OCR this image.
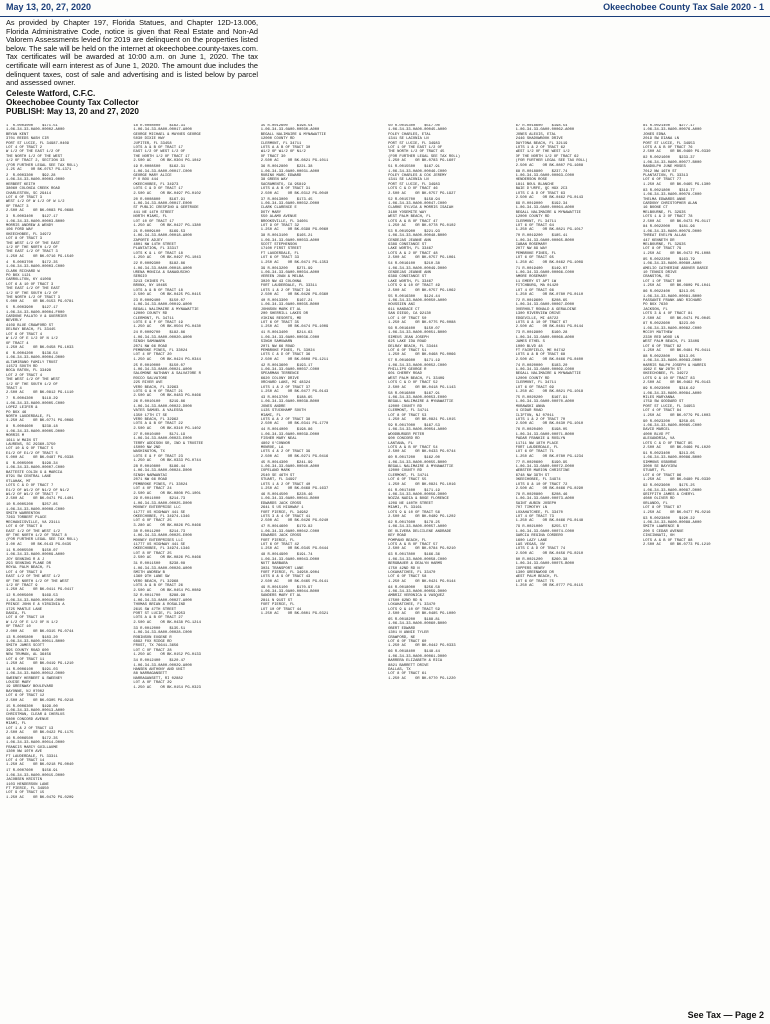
May 13, 20, 27, 2020	Okeechobee County Tax Sale 2020 - 1
As provided by Chapter 197, Florida Statues, and Chapter 12D-13.006, Florida Administrative Code, notice is given that Real Estate and Non-Ad Valorem Assessments levied for 2019 are delinquent on the properties listed below. The sale will be held on the internet at okeechobee.county-taxes.com. Tax certificates will be awarded at 10:00 a.m. on June 1, 2020. The tax certificate will earn interest as of June 1, 2020. The amount due includes the delinquent taxes, cost of sale and advertising and is listed below by parcel and assessed owner.
Celeste Watford, C.F.C.
Okeechobee County Tax Collector
PUBLISH: May 13, 20 and 27, 2020
1  R-0003000    $171.51
1-06-34-33-0A00-00002-A000
BRYAN KENT
3701 REEDS NASH CIR
PORT ST LUCIE, FL 34987-0409
LOT 4 OF TRACT 2
W 1/2 OF THE EAST 1/2 OF
THE NORTH 1/2 OF THE WEST
1/2 OF TRACT 2, SECTION 33
(FOR FURTHER LEGAL SEE TAX ROLL)
1.25 AC    OR BK-0757 PG-1371
2  R-0003300    $92.28
1-06-34-33-0A00-00003-0000
HERBERT KEITH
38060 COLONIA CREEK ROAD
CHARLESTON, SC 29414
LOT 6 OF TRACT 3
WEST 1/2 OF W 1/2 OF W 1/2
OF TRACT 3
2.500 AC    OR BK-0083 PG-0688
3  R-0003400    $127.17
1-06-34-33-0A00-00003-B000
MORRIS ANDREW & WENDY
106 FORD WAY
OKEECHOBEE, FL 34972
LOT 8 OF TRACT 3
THE WEST 1/2 OF THE EAST
1/2 OF THE NORTH 1/2 OF
THE EAST 1/2 OF TRACT 3
1.250 AC    OR BK-0716 PG-1540
4  R-0003700    $172.35
1-06-34-33-0A00-00003-C000
CLARK RICHARD W
PO BOX 1121
CARROLLTON, KY 41008
LOT 6 & 10 OF TRACT 3
THE EAST 1/2 OF THE EAST
1/2 OF THE SOUTH 1/2 OF
THE NORTH 1/2 OF TRACT 3
5.000 AC    OR BK-0153 PG-0781
5  R-0003900    $127.17
1-06-34-33-0A00-00004-F000
CARDONE PALATO V & GUERRIER
BEVERLY
4109 BLUE CRAWFORD ST
DELRAY BEACH, FL 33445
LOT 6 OF TRACT 4
W 1/2 OF E 1/2 OF N 1/2
OF TRACT 4
1.250 AC    OR BK-0458 PG-1033
6  R-0004200    $136.54
1-06-34-33-0A00-00004-D000
ALTAMIRANO FAMILY TRUST
11573 SOUTH RD
BOCA RATON, FL 33498
LOT 2 OF TRACT 4
THE WEST 1/2 OF THE WEST
1/2 OF THE SOUTH 1/2 OF
TRACT 4
2.500 AC    OR BK-0812 PG-1110
7  R-0004300    $118.29
1-06-34-33-0A00-00005-C000
LOPEZ LEIFER &
PO BOX 46
NORTH LAUDERDALE, FL
1.250 AC    OR BK-0771 PG-0066
8  R-0004600    $238.18
1-06-34-33-0A00-00005-D000
MORRIS M
1611 W MAIN ST
LAURENS, SC 29360-3750
LOT 10 & 9 OF TRACT 5
E1/2 OF E1/2 OF TRACT 5
5.000 AC    OR BK-0487 PG-0338
9  R-0005000    $198.34
1-06-34-33-0A00-00007-C000
BATTESTE COLIN G & MARCIA
8791 SW CENTRAL LANE
OTLAHAK, MT
LOTS C & D OF TRACT 7
E1/2 OF W1/2 OF N1/2 OF N1/2
W1/2 OF W1/2 OF TRACT 7
2.500 AC    OR BK-0471 PG-1401
10 R-0005200    $257.85
1-06-34-33-0A00-00008-C000
SMITH WARRENTON
7263 TORBERT PLACE
MECHANICSVILLE, VA 23111
LOT 6 OF TRACT 8
EAST 1/2 OF THE WEST 1/2
OF THE NORTH 1/2 OF TRACT 8
(FOR FURTHER LEGAL SEE TAX ROLL)
3.00 AC    OR BK-0143 PG-0435
11 R-0005500    $150.07
1-06-34-33-0A00-00009-A000
JOY SENNING R & J
293 SENNING PLANE DR
ROYAL PALM BEACH, FL
LOT 4 OF TRACT 9
EAST 1/2 OF THE WEST 1/2
OF THE NORTH 1/2 OF THE WEST
1/2 OF TRACT 9
1.250 AC    OR BK-0411 PG-0417
12 R-0005600    $169.53
1-06-34-33-0A00-00010-D000
PRINCE JOHN E & VIRGINIA A
1725 MANTLE LANE
DANIA, FL
LOT 8 OF TRACT 10
W 1/2 OF E 1/2 OF N 1/2
OF TRACT 10
2.000 AC    OR BK-0315 PG-0744
13 R-0005800    $183.20
1-06-34-33-0A00-00011-B000
SMITH JAMES SCOTT
395 COUNTY ROAD 600
NEW TRUMAN, AL 36456
LOT 6 OF TRACT 11
1.250 AC    OR BK-0419 PG-1210
14 R-0006100    $191.03
1-06-34-33-0A00-00012-D000
SWEENEY HERBERT & SWEENEY
LOUISE MARY
19 GREENWAY BOULEVARD
BAYONNE, NJ 07002
LOT 6 OF TRACT 12
2.500 AC    OR BK-0305 PG-0218
15 R-0006300    $199.00
1-06-34-33-0A00-00013-A000
CHRISTMAN, CLEAR & CHERLUS
5800 CONCORD AVENUE
MIAMI, FL
LOT 1 & 2 OF TRACT 13
2.500 AC    OR BK-0422 PG-1175
16 R-0006500    $172.35
1-06-34-33-0A00-00014-D000
FRANCIS MARCY GUILLAUME
1300 NW 10TH AVE
FT LAUDERDALE, FL 33311
LOT 4 OF TRACT 14
1.250 AC    OR BK-0218 PG-0040
17 R-0007600    $156.91
1-06-34-33-0A00-00015-D000
JACOBSEN KRISTIN
1103 HENDERSON LANE
FT PIERCE, FL 34950
LOT 9 OF TRACT 15
1.250 AC    OR BK-0479 PG-0209
18 R-0008000    $162.31
1-06-34-33-0A00-00017-A000
GEORGE MICHAEL & MAYNES GEORGE
5030 DIXIE HWY
JUPITER, FL 33458
LOTS A & B OF TRACT 17
EAST 1/2 OF WEST 1/2 OF
THE NORTH 1/2 OF TRACT 17
2.500 AC    OR BK-0304 PG-1042
19 R-0008500    $162.31
1-06-34-33-0A00-00017-C000
GEORGE MARY ALICE
P O BOX 444
OKEECHOBEE, FL 34973
LOTS C & D OF TRACT 17
2.500 AC    OR BK-0497 PG-0102
20 R-0008800    $167.91
1-06-34-33-0A00-00017-E000
ST PUBLIC CRESPINO & GERTRUDE
441 NE 14TH STREET
NORTH MIAMI, FL
LOT 10 OF TRACT 17
1.250 AC    OR BK-0427 PG-1380
21 R-0009100    $169.53
1-06-34-33-0A00-00018-A000
ZAPORTE ADJEY
4801 NW 14TH STREET
PLANTATION, FL 33317
LOTS K & L OF TRACT 18
1.250 AC    OR BK-0497 PG-1043
22 R-0009300    $182.86
1-06-34-33-0A00-00018-A000
URENA MONICA & SANAGUSCHO
SERGIO
3213 CHINES PL
BRONX, NY 10465
LOTS A & B OF TRACT 18
2.500 AC    OR BK-0425 PG-0415
23 R-0009400    $150.07
1-06-34-33-0A00-00019-A000
BEGALL NALIMAIRE & MYNAWATTIE
12000 COUNTY RD
CLERMONT, FL 34711
LOTS E & F OF TRACT 19
1.250 AC    OR BK-0504 PG-0430
24 R-0009700    $182.86
1-06-34-33-0A00-00020-A000
SINGH SAMUWARN
2071 NW 66 ROAD
PEMBROKE PINES, FL 33024
LOT 4 OF TRACT 20
1.250 AC    OR BK-0424 PG-0344
25 R-0010000    $150.07
1-06-34-33-0A00-00021-A000
SALOMONE NATHANY & SALVATORE R
ROCCO SALVATORE
225 RIVER AVE
VERO BEACH, FL 32963
LOTS G & H OF TRACT 21
2.500 AC    OR BK-0483 PG-0466
26 R-0010100    $219.86
1-06-34-33-0A00-00022-D000
VATES SAMUEL & VALESSA
1350 17TH CT SE
VERO BEACH, FL 32962
LOTS A & B OF TRACT 22
2.500 AC    OR BK-0310 PG-1402
27 R-0010400    $171.19
1-06-34-33-0A00-00023-E000
TERRY ADDISON SR, IND & TRUSTEE
15000 NW 2ND
WASHINGTON, TX
LOTS E & F OF TRACT 23
1.250 AC    OR BK-0333 PG-0744
28 R-0010800    $186.44
1-06-34-33-0A00-00024-D000
SINGH NARWANTAI
2071 NW 66 ROAD
PEMBROKE PINES, FL 33024
LOT 4 OF TRACT 24
2.500 AC    OR BK-0808 PG-1001
29 R-0011000    $214.73
1-06-34-33-0A00-00025-D000
MOONEY ENTERPRISE LLC
11777 US HIGHWAY 441 SE
OKEECHOBEE, FL 34974-1346
LOT 6 OF TRACT 25
3.280 AC    OR BK-0826 PG-0466
30 R-0011200    $214.73
1-06-34-33-0A00-00025-E000
MOONEY ENTERPRISES LLC
11777 US HIGHWAY 441 SE
OKEECHOBEE, FL 34974-1346
LOT 8 OF TRACT 25
2.500 AC    OR BK-0826 PG-0466
31 R-0011500    $238.08
1-06-34-33-0A00-00026-A000
SMITH ANDREW B
1360 9TH LANE SW
VERO BEACH, FL 32968
LOTS A & B OF TRACT 26
2.500 AC    OR BK-0454 PG-0089
32 R-0011700    $288.98
1-06-34-33-0A00-00027-A000
THOMAS BRIAN & ROSALIND
2615 SW 47TH STREET
PORT ST LUCIE, FL 34953
LOTS A & B OF TRACT 27
2.500 AC    OR BK-0438 PG-1214
33 R-0012000    $135.51
1-06-34-33-0A00-00028-C000
ROBINSON EUGENE R
6892 FOX RIDGE RD
FROST, TX 76641-3656
LOT C OF TRACT 28
1.250 AC    OR BK-0152 PG-0133
34 R-0012400    $120.47
1-06-34-33-0A00-00029-A000
HANSEN ANTHONY AND UNIT
88 NARRAGANSETT
NARRAGANSETT, RI 02882
LOT A OF TRACT 29
1.250 AC    OR BK-0154 PG-0323
35 R-0012600    $198.54
1-06-34-33-0A00-00030-A000
BEGALL NALIMAIRE & MYNAWATTIE
12000 COUNTY RD
CLERMONT, FL 34711
LOTS A & B OF TRACT 30
W1/2 OF W1/2 OF N1/2
OF TRACT 30
2.500 AC    OR BK-0821 PG-1011
36 R-0012800    $221.38
1-06-34-33-0A00-00031-A000
RUBINO MARC EDWARD
38 GREEN WAY
SACRAMENTO, CA 95819
LOTS A & B OF TRACT 31
2.500 AC    OR BK-0312 PG-0040
37 R-0013000    $173.45
1-06-34-33-0A00-00032-D000
CLARK CLARENCE E
DOTY MARY
550 ALAMO AVENUE
BROOKSVILLE, FL 34601
LOT 9 OF TRACT 32
1.250 AC    OR BK-0398 PG-0060
38 R-0013100    $165.21
1-06-34-33-0A00-00033-A000
SCOTT STEPHENSON
17100 FIRST STREET
FT LAUDERDALE, FL
LOT 6 OF TRACT 33
1.250 AC    OR BK-0471 PG-1353
39 R-0013200    $271.99
1-06-34-33-0A00-00034-A000
VEREEN JOAN & MELBA
3020 NW 43 COLONNA
FORT LAUDERDALE, FL 33311
LOTS 1 & 2 OF TRACT 34
2.500 AC    OR BK-0426 PG-0360
40 R-0013300    $167.21
1-06-34-33-0A00-00035-B000
JOHNSON MARK ET AL
200 SHERRILL LAKES DR
VIKING RESORTS, MD
LOT 6 OF TRACT 35
1.250 AC    OR BK-0474 PG-1009
41 R-0013400    $214.63
1-06-34-33-0A00-00036-C000
SINGH SAMUWARN
2071 NW 66 ROAD
PEMBROKE PINES, FL 33024
LOTS C & D OF TRACT 36
2.500 AC    OR BK-0808 PG-1211
42 R-0013600    $193.17
1-06-34-33-0A00-00037-C000
SPEARMAN TERRENCE
6620 COLONY DRIVE
ORCHARD LAKE, MI 48324
LOTS 1 & 2 OF TRACT 37
1.250 AC    OR BK-0477 PG-0143
43 R-0013700    $188.65
1-06-34-33-0A00-00038-B000
JONES ANDRE
1135 STUCKHAMP SOUTH
MIAMI, FL
LOTS A & 2 OF TRACT 38
2.500 AC    OR BK-0341 PG-1770
44 R-0014000    $198.86
1-06-34-33-0A00-00039-D000
FISHER MARY NEAL
4802 O'CONNOR
MONROE, LA
LOTS 4 & 2 OF TRACT 39
2.500 AC    OR BK-0271 PG-0416
45 R-0014300    $241.99
1-06-34-33-0A00-00040-A000
COPELAND MARK
2540 SE 46TH ST
STUART, FL 34997
LOTS 1 & 2 OF TRACT 40
1.250 AC    OR BK-0468 PG-1637
46 R-0014500    $228.46
1-06-34-33-0A00-00041-B000
EDWARDS JACK CROSS
2641 S US HIGHWAY 1
FORT PIERCE, FL 34982
LOTS 3 & 4 OF TRACT 41
2.500 AC    OR BK-0426 PG-0240
47 R-0014600    $179.82
1-06-34-33-0A00-00042-C000
EDWARDS JACK CROSS
FORT PIERCE, FL
LOT 6 OF TRACT 42
1.250 AC    OR BK-0345 PG-0444
48 R-0014900    $191.74
1-06-34-33-0A00-00043-D000
NUTT BARBARA
3031 TRANSPORT LANE
FORT PIERCE, FL 34950-9004
LOTS 8 & 9 OF TRACT 43
2.500 AC    OR BK-0465 PG-0141
49 R-0015100    $170.97
1-06-34-33-0A00-00044-B000
SANDERS MARY ET AL
2811 N 91ST ST
FORT PIERCE, FL
LOT 10 OF TRACT 44
1.250 AC    OR BK-0801 PG-0321
50 R-0015300    $517.00
1-06-34-33-0A00-00045-A000
FOLEY CHARLES, ETAL
1341 SE LACONIA LN
PORT ST LUCIE, FL 34983
LOT 1 OF THE EAST 1/2 OF
THE NORTH 1/2 OF TRACT 45
(FOR FURTHER LEGAL SEE TAX ROLL)
1.250 AC    OR BK-0783 PG-1607
51 R-0015500    $167.91
1-06-34-33-0A00-00046-C000
FOLEY CHARLES & COX JEREMY
1341 SE LACONIA LN
PORT ST LUCIE, FL 34983
LOTS C & D OF TRACT 46
2.500 AC    OR BK-0757 PG-1927
52 R-0015700    $158.94
1-06-34-33-0A00-00047-C000
CLARKE SYLVIA & MORRIS ISAIAH
3180 YOSEMITE WAY
WEST PALM BEACH, FL
LOTS A & B OF TRACT 47
1.250 AC    OR BK-0778 PG-0102
53 R-0015900    $221.93
1-06-34-33-0A00-00048-B000
CENDEJAS JEANNE ANN
6389 CONSTANCE ST
LAKE WORTH, FL 33467
LOTS A & 2 OF TRACT 48
2.500 AC    OR BK-0757 PG-1061
54 R-0016100    $210.38
1-06-34-33-0A00-00049-D000
CENDEJAS JEANNE ANN
6389 CONSTANCE ST
LAKE WORTH, FL 33467
LOTS 9 & 10 OF TRACT 49
2.500 AC    OR BK-0757 PG-1062
55 R-0016300    $124.44
1-06-34-33-0A00-00050-A000
HOUSSIEN ANI
611 KANDACE CT
SAN DIEGO, CA 92130
LOT 1 OF TRACT 50
1.250 AC    OR BK-0775 PG-0088
56 R-0016400    $150.07
1-06-34-33-0A00-00051-B000
SIMEUS JEAN JOSEPH
625 LAKE IDA ROAD
DELRAY BEACH, FL 33444
LOT 6 OF TRACT 51
1.250 AC    OR BK-0468 PG-0066
57 R-0016600    $171.19
1-06-34-33-0A00-00052-C000
PHILLIPS GEORGE R
601 CHERRY ROAD
WEST PALM BEACH, FL 33409
LOTS C & D OF TRACT 52
2.500 AC    OR BK-0418 PG-1143
58 R-0016800    $167.91
1-06-34-33-0A00-00053-E000
BEGALL NALIMAIRE & MYNAWATTIE
12000 COUNTY RD
CLERMONT, FL 34711
LOT 8 OF TRACT 53
1.250 AC    OR BK-0821 PG-1015
59 R-0017000    $167.53
1-06-34-33-0A00-00054-A000
WOODBURGER PETER
900 CONCORD RD
LANTANA, FL
LOTS A & B OF TRACT 54
2.500 AC    OR BK-0433 PG-0744
60 R-0017200    $162.00
1-06-34-33-0A00-00055-B000
BEGALL NALIMAIRE & MYNAWATTIE
12000 COUNTY RD
CLERMONT, FL 34711
LOT 6 OF TRACT 55
1.250 AC    OR BK-0821 PG-1016
61 R-0017400    $171.19
1-06-34-33-0A00-00056-D000
NOZZA NADIA & BOGE FLORENCE
1209 NE 140TH STREET
MIAMI, FL 33161
LOTS 9 & 10 OF TRACT 56
2.500 AC    OR BK-0489 PG-1202
62 R-0017600    $178.25
1-06-34-33-0A00-00057-A000
DE OLIVERA DELCILENE ANDRADE
KEY ROAD
POMPANO BEACH, FL
LOTS A & B OF TRACT 57
2.500 AC    OR BK-0784 PG-0210
63 R-0017800    $166.36
1-06-34-33-0A00-00058-C000
BERGBAUER & DEALYN HARMS
1750 42ND RD N
LOXAHATCHEE, FL 33470
LOT 6 OF TRACT 58
1.250 AC    OR BK-0421 PG-0144
64 R-0018000    $256.58
1-06-34-33-0A00-00059-D000
AMBRIZ VERONICA & VASQUEZ
17500 62ND RD N
LOXAHATCHEE, FL 33470
LOTS 9 & 10 OF TRACT 59
2.500 AC    OR BK-0485 PG-1000
65 R-0018200    $188.81
1-06-34-33-0A00-00060-B000
OBERT EDWARD
1301 N ANNIE TYLER
CRAWFORD, NE
LOT 6 OF TRACT 60
1.250 AC    OR BK-0442 PG-0333
66 R-0018400    $148.44
1-06-34-33-0A00-00061-D000
BARRERA ELIZABETH & RICA
8821 BARRETT DRIVE
DALLAS, TX
LOT 8 OF TRACT 61
1.250 AC    OR BK-0770 PG-1220
67 R-0018600    $198.54
1-06-34-33-0A00-00062-A000
JONES ALEXIS, ETAL
2446 SHADOWBOOK DRIVE
DAYTONA BEACH, FL 32119
LOTS 1 & 2 OF TRACT 62
WEST 1/2 OF THE WEST 1/2
OF THE NORTH 1/2 OF TRACT 62
(FOR FURTHER LEGAL SEE TAX ROLL)
2.500 AC    OR BK-0807 PG-1608
68 R-0018800    $237.74
1-06-34-33-0A00-00063-C000
HENDERSON ROSE
1811 BOUL BLANCHE
BAIE D'URFE, QC H9X 2C3
LOTS C & D OF TRACT 63
2.500 AC    OR BK-0462 PG-0143
69 R-0019000    $192.34
1-06-34-33-0A00-00064-A000
BEGALL NALIMAIRE & MYNAWATTIE
12000 COUNTY RD
CLERMONT, FL 34711
LOT 6 OF TRACT 64
1.250 AC    OR BK-0821 PG-1017
70 R-0019200    $185.41
1-06-34-33-0A00-00065-B000
CABAN ROSEMARY
2077 NW 89 WAY
PEMBROKE PINES, FL
LOT 6 OF TRACT 65
1.250 AC    OR BK-0462 PG-1009
71 R-0019400    $149.07
1-06-34-33-0A00-00066-C000
AMORE ROSEMARY
11 EMERY ST APT 1W
FITCHBURG, MA 01420
LOT 4 OF TRACT 66
1.250 AC    OR BK-0780 PG-0110
72 R-0019600    $208.65
1-06-34-33-0A00-00067-D000
OVERHOLT RONALD & GERALDINE
1300 RIVERVIEW DRIVE
EDGEVILLE, MI 48722
LOTS 9 & 10 OF TRACT 67
2.500 AC    OR BK-0481 PG-0144
73 R-0019800    $160.28
1-06-34-33-0A00-00068-A000
JAMES ETHEL S
1000 BLVD 48
FT FAIRFIELD, ME 04742
LOTS A & B OF TRACT 68
2.500 AC    OR BK-0466 PG-0400
74 R-0020000    $183.20
1-06-34-33-0A00-00069-C000
BEGALL NALIMAIRE & MYNAWATTIE
12000 COUNTY RD
CLERMONT, FL 34711
LOT 6 OF TRACT 69
1.250 AC    OR BK-0821 PG-1018
75 R-0020200    $167.91
1-06-34-33-0A00-00070-A000
MURAWSKI ANNA
4 CEDAR ROAD
CLIFTON, NJ 07011
LOTS 1 & 2 OF TRACT 70
2.500 AC    OR BK-0430 PG-1010
76 R-0020400    $198.05
1-06-34-33-0A00-00071-B000
PADAR FRANKIE & ROSLYN
11711 NW 18TH PLACE
FORT LAUDERDALE, FL
LOT 6 OF TRACT 71
1.250 AC    OR BK-0780 PG-1234
77 R-0020600    $190.95
1-06-34-33-0A00-00072-D000
WEBSTER MARION CHRISTINE
6748 NW 39TH ST
OKEECHOBEE, FL 34974
LOTS 9 & 10 OF TRACT 72
2.500 AC    OR BK-0466 PG-0290
78 R-0020800    $208.46
1-06-34-33-0A00-00073-A000
SAINT AUBIN JOSEPH
707 TIMOTHY LN
LOXAHATCHEE, FL 33470
LOT 4 OF TRACT 73
1.250 AC    OR BK-0466 PG-0148
79 R-0021000    $255.57
1-06-34-33-0A00-00074-C000
GARCIA REGINA CORDERO
1600 LAZY LANE
LAS VEGAS, NV
LOTS C & D OF TRACT 74
2.500 AC    OR BK-0456 PG-0210
80 R-0021200    $260.38
1-06-34-33-0A00-00075-B000
COPPERS HENRY
1300 GREENWOOD DR
WEST PALM BEACH, FL
LOT 6 OF TRACT 75
1.250 AC    OR BK-0777 PG-0115
81 R-0021400    $277.17
1-06-34-33-0A00-00076-A000
JONES EDNA
2019 SW DIANA LN
PORT ST LUCIE, FL 34953
LOTS A & B OF TRACT 76
2.500 AC    OR BK-0460 PG-0330
82 R-0021600    $233.37
1-06-34-33-0A00-00077-B000
RANDOLPH JUNE MOSES
7012 NW 16TH ST
PLANTATION, FL 33313
LOT 6 OF TRACT 77
1.250 AC    OR BK-0465 PG-1300
83 R-0021800    $319.77
1-06-34-33-0A00-00078-C000
THELMA EDWARDS ANNE
CARDONY CHRISTOPHER ALAN
16 BOONE CT
MELBOURNE, FL 32935
LOTS 1 & 2 OF TRACT 78
2.500 AC    OR BK-0473 PG-0117
84 R-0022000    $181.96
1-06-34-33-0A00-00079-D000
THREAT EVELYN ALLAN
447 KENNETH DR
MELBOURNE, FL 32935
LOT 8 OF TRACT 79
1.250 AC    OR BK-0472 PG-1008
85 R-0022200    $163.79
1-06-34-33-0A00-00080-A000
AMELIO CATHERINE ABOVER DARCE
10 TENNIS DRIVE
CRANSTON, RI
LOT 1 OF TRACT 80
1.250 AC    OR BK-0809 PG-1041
86 R-0022400    $213.05
1-06-34-33-0A00-00081-B000
PASSANTE FRANK AND RICHARD
PO BOX 7630
JACKSON, FL
LOTS 3 & 4 OF TRACT 81
2.500 AC    OR BK-0471 PG-0045
87 R-0022600    $223.00
1-06-34-33-0A00-00082-C000
MCCOY MATTHEW
2330 RED WOOD LN
WEST PALM BEACH, FL 33409
LOT 6 OF TRACT 82
1.250 AC    OR BK-0481 PG-0411
88 R-0022800    $213.05
1-06-34-33-0A00-00083-D000
HARRIS RALPH JOSEPH & HARRIS
1962 E NW 28TH ST
OKEECHOBEE, FL 34972
LOTS 9 & 10 OF TRACT 83
2.500 AC    OR BK-0462 PG-0143
89 R-0023000    $316.62
1-06-34-33-0A00-00084-A000
MILES MARYANNA
1759 SW GODDARD ST
PORT ST LUCIE, FL 34953
LOT 4 OF TRACT 84
1.250 AC    OR BK-0779 PG-1003
90 R-0023200    $258.65
1-06-34-33-0A00-00085-C000
DAVID MARCEL
4000 BLVD PT
ALEXANDRIA, VA
LOTS C & D OF TRACT 85
2.500 AC    OR BK-0466 PG-1020
91 R-0023400    $213.05
1-06-34-33-0A00-00086-B000
SIMMONS OSBORNE
3000 SE BAYVIEW
STUART, FL
LOT 6 OF TRACT 86
1.250 AC    OR BK-0480 PG-0330
92 R-0023600    $175.25
1-06-34-33-0A00-00087-D000
GRIFFITH JAMES & CHERYL
4080 OLIVER RD
ORLANDO, FL
LOT 8 OF TRACT 87
1.250 AC    OR BK-0477 PG-0216
93 R-0023800    $190.22
1-06-34-33-0A00-00088-A000
SMITH LAWRENCE B
200 S CEDAR AVENUE
CINCINNATI, OH
LOTS A & B OF TRACT 88
2.500 AC    OR BK-0773 PG-1210
See Tax — Page 2
